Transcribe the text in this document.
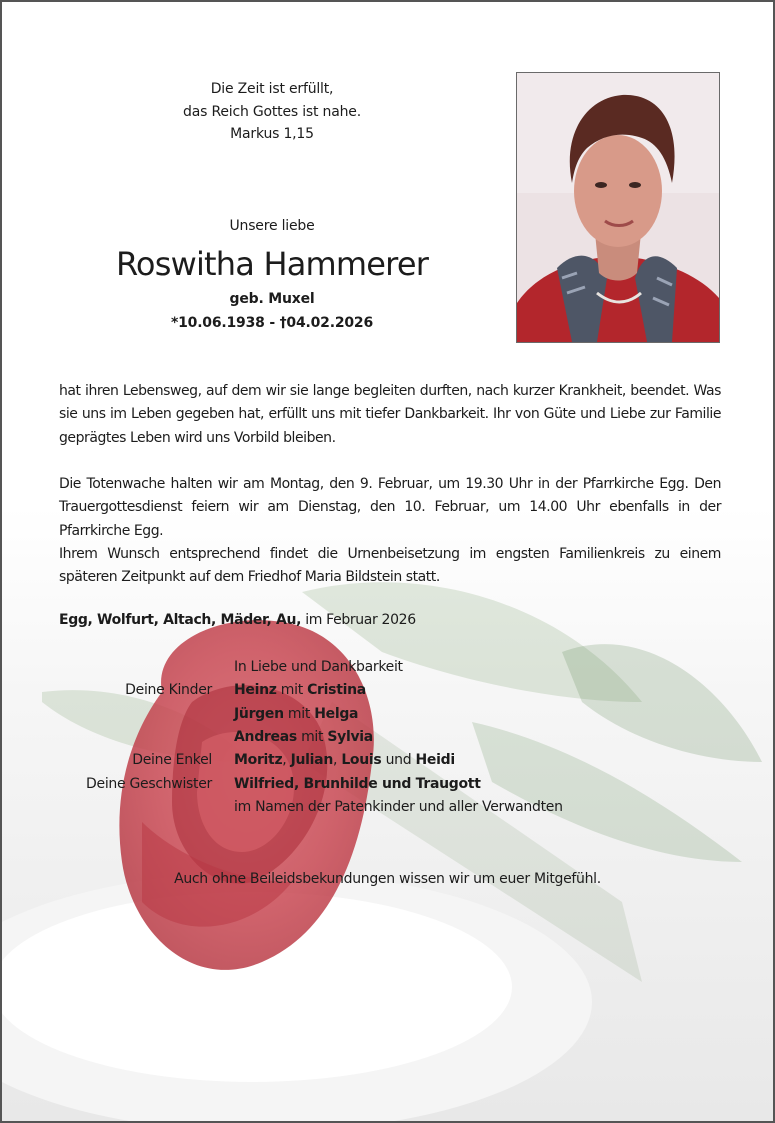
Die Zeit ist erfüllt,
das Reich Gottes ist nahe.
Markus 1,15
Unsere liebe
Roswitha Hammerer
geb. Muxel
*10.06.1938 - †04.02.2026

hat ihren Lebensweg, auf dem wir sie lange begleiten durften, nach kurzer Krankheit, beendet. Was sie uns im Leben gegeben hat, erfüllt uns mit tiefer Dankbarkeit. Ihr von Güte und Liebe zur Familie geprägtes Leben wird uns Vorbild bleiben.

Die Totenwache halten wir am Montag, den 9. Februar, um 19.30 Uhr in der Pfarrkirche Egg. Den Trauergottesdienst feiern wir am Dienstag, den 10. Februar, um 14.00 Uhr ebenfalls in der Pfarrkirche Egg.

Ihrem Wunsch entsprechend findet die Urnenbeisetzung im engsten Familienkreis zu einem späteren Zeitpunkt auf dem Friedhof Maria Bildstein statt.

Egg, Wolfurt, Altach, Mäder, Au, im Februar 2026
In Liebe und Dankbarkeit
Deine Kinder Heinz mit Cristina
Jürgen mit Helga
Andreas mit Sylvia
Deine Enkel Moritz, Julian, Louis und Heidi
Deine Geschwister Wilfried, Brunhilde und Traugott
im Namen der Patenkinder und aller Verwandten
Auch ohne Beileidsbekundungen wissen wir um euer Mitgefühl.
